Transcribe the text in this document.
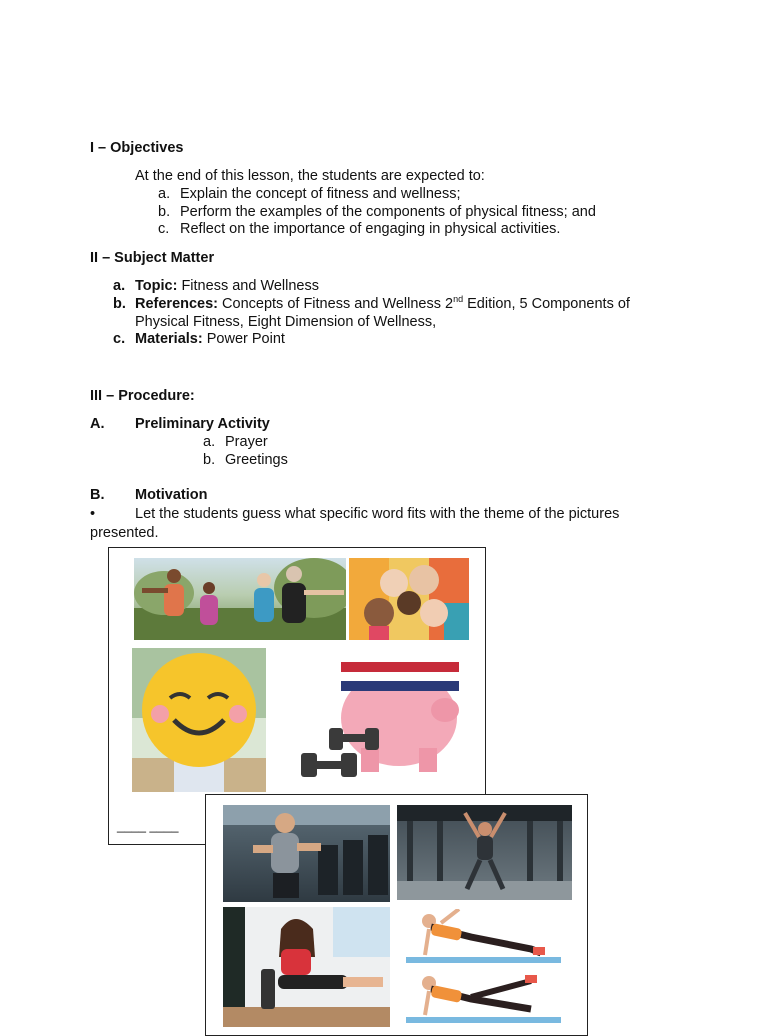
I – Objectives
At the end of this lesson, the students are expected to:
a. Explain the concept of fitness and wellness;
b. Perform the examples of the components of physical fitness; and
c. Reflect on the importance of engaging in physical activities.
II – Subject Matter
a. Topic: Fitness and Wellness
b. References: Concepts of Fitness and Wellness 2nd Edition, 5 Components of
Physical Fitness, Eight Dimension of Wellness,
c. Materials: Power Point
III – Procedure:
A. Preliminary Activity
a. Prayer
b. Greetings
B. Motivation
•	Let the students guess what specific word fits with the theme of the pictures
presented.
____ ____
